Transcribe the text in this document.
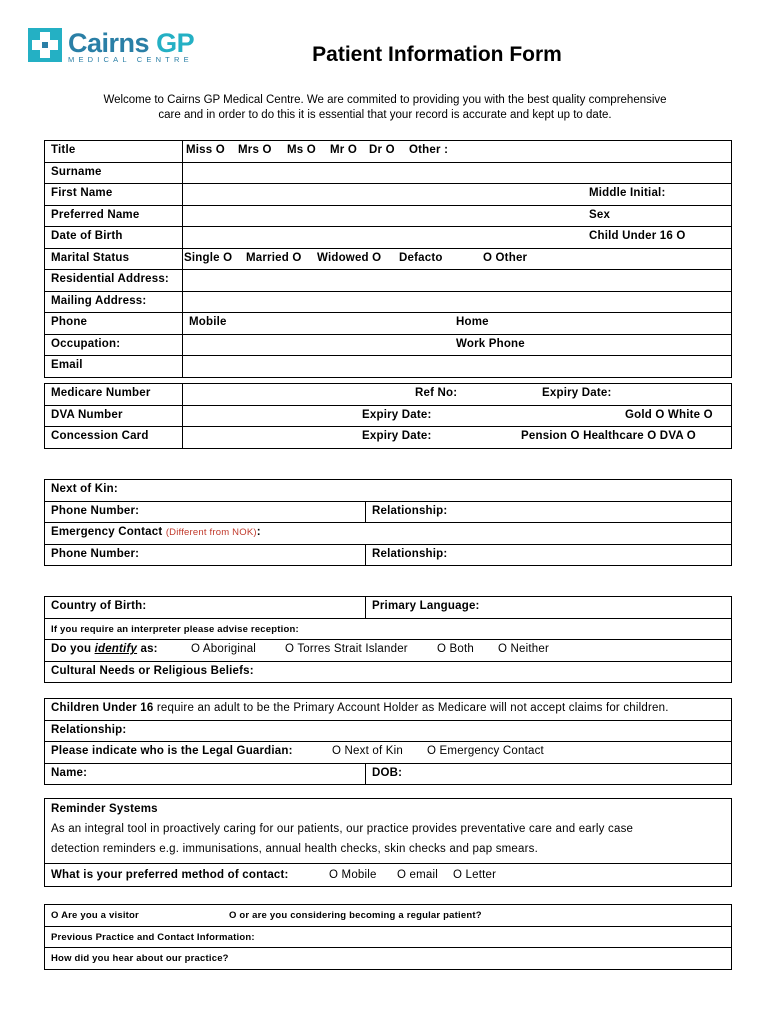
Cairns GP
MEDICAL CENTRE	Patient Information Form
Welcome to Cairns GP Medical Centre. We are commited to providing you with the best quality comprehensive
care and in order to do this it is essential that your record is accurate and kept up to date.
Title	Miss O Mrs O Ms O Mr O Dr O Other :
Surname
First Name	Middle Initial:
Preferred Name	Sex
Date of Birth	Child Under 16 O
Marital Status	Single O Married O Widowed O Defacto	O Other
Residential Address:
Mailing Address:
Phone	Mobile	Home
Occupation:	Work Phone
Email
Medicare Number	Ref No:	Expiry Date:
DVA Number	Expiry Date:	Gold O White O
Concession Card	Expiry Date:	Pension O Healthcare O DVA O
Next of Kin:
Phone Number:	Relationship:
Emergency Contact (Different from NOK):
Phone Number:	Relationship:
Country of Birth:	Primary Language:
If you require an interpreter please advise reception:
Do you identify as:	O Aboriginal	O Torres Strait Islander	O Both O Neither
Cultural Needs or Religious Beliefs:
Children Under 16 require an adult to be the Primary Account Holder as Medicare will not accept claims for children.
Relationship:
Please indicate who is the Legal Guardian:	O Next of Kin O Emergency Contact
Name:	DOB:
Reminder Systems
As an integral tool in proactively caring for our patients, our practice provides preventative care and early case
detection reminders e.g. immunisations, annual health checks, skin checks and pap smears.
What is your preferred method of contact:	O Mobile O email O Letter
O Are you a visitor	O or are you considering becoming a regular patient?
Previous Practice and Contact Information:
How did you hear about our practice?
